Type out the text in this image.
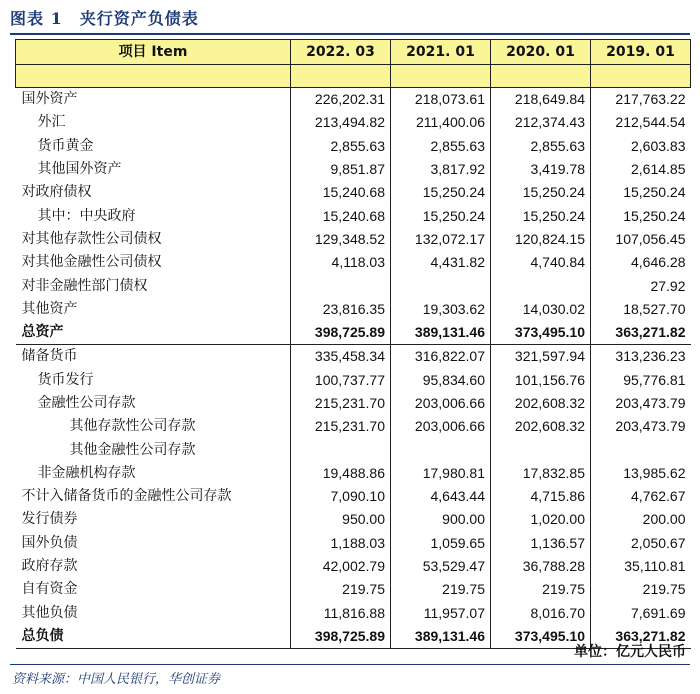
图表 1　夹行资产负债表
项目 Item	2022. 03	2021. 01	2020. 01	2019. 01

国外资产	226,202.31	218,073.61	218,649.84	217,763.22
外汇	213,494.82	211,400.06	212,374.43	212,544.54
货币黄金	2,855.63	2,855.63	2,855.63	2,603.83
其他国外资产	9,851.87	3,817.92	3,419.78	2,614.85
对政府债权	15,240.68	15,250.24	15,250.24	15,250.24
其中：中央政府	15,240.68	15,250.24	15,250.24	15,250.24
对其他存款性公司债权	129,348.52	132,072.17	120,824.15	107,056.45
对其他金融性公司债权	4,118.03	4,431.82	4,740.84	4,646.28
对非金融性部门债权				27.92
其他资产	23,816.35	19,303.62	14,030.02	18,527.70
总资产	398,725.89	389,131.46	373,495.10	363,271.82
储备货币	335,458.34	316,822.07	321,597.94	313,236.23
货币发行	100,737.77	95,834.60	101,156.76	95,776.81
金融性公司存款	215,231.70	203,006.66	202,608.32	203,473.79
其他存款性公司存款	215,231.70	203,006.66	202,608.32	203,473.79
其他金融性公司存款				
非金融机构存款	19,488.86	17,980.81	17,832.85	13,985.62
不计入储备货币的金融性公司存款	7,090.10	4,643.44	4,715.86	4,762.67
发行债券	950.00	900.00	1,020.00	200.00
国外负债	1,188.03	1,059.65	1,136.57	2,050.67
政府存款	42,002.79	53,529.47	36,788.28	35,110.81
自有资金	219.75	219.75	219.75	219.75
其他负债	11,816.88	11,957.07	8,016.70	7,691.69
总负债	398,725.89	389,131.46	373,495.10	363,271.82
单位：亿元人民币
资料来源：中国人民银行，华创证券
